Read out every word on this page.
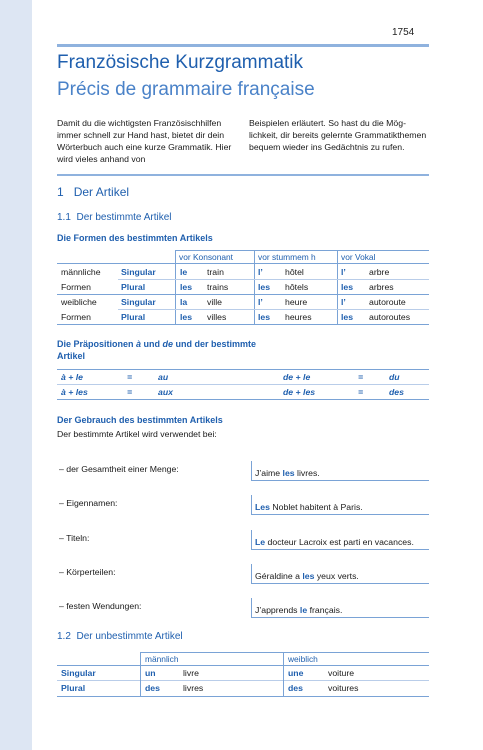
1754
Französische Kurzgrammatik
Précis de grammaire française
Damit du die wichtigsten Französischhilfen immer schnell zur Hand hast, bietet dir dein Wörterbuch auch eine kurze Grammatik. Hier wird vieles anhand von
Beispielen erläutert. So hast du die Möglichkeit, dir bereits gelernte Grammatikthemen bequem wieder ins Gedächtnis zu rufen.
1 Der Artikel
1.1 Der bestimmte Artikel
Die Formen des bestimmten Artikels
vor Konsonant	vor stummem h	vor Vokal
männliche Singular	le train	l’	hôtel	l’	arbre
Formen	Plural	les trains	les hôtels	les arbres
weibliche	Singular	la ville	l’	heure	l’	autoroute
Formen	Plural	les villes	les heures	les autoroutes
Die Präpositionen à und de und der bestimmte Artikel
à + le	=	au	de + le	=	du
à + les	=	aux	de + les	=	des
Der Gebrauch des bestimmten Artikels
Der bestimmte Artikel wird verwendet bei:
– der Gesamtheit einer Menge:	J’aime les livres.
– Eigennamen:	Les Noblet habitent à Paris.
– Titeln:	Le docteur Lacroix est parti en vacances.
– Körperteilen:	Géraldine a les yeux verts.
– festen Wendungen:	J’apprends le français.
1.2 Der unbestimmte Artikel
männlich	weiblich
Singular	un	livre	une	voiture
Plural	des	livres	des	voitures
